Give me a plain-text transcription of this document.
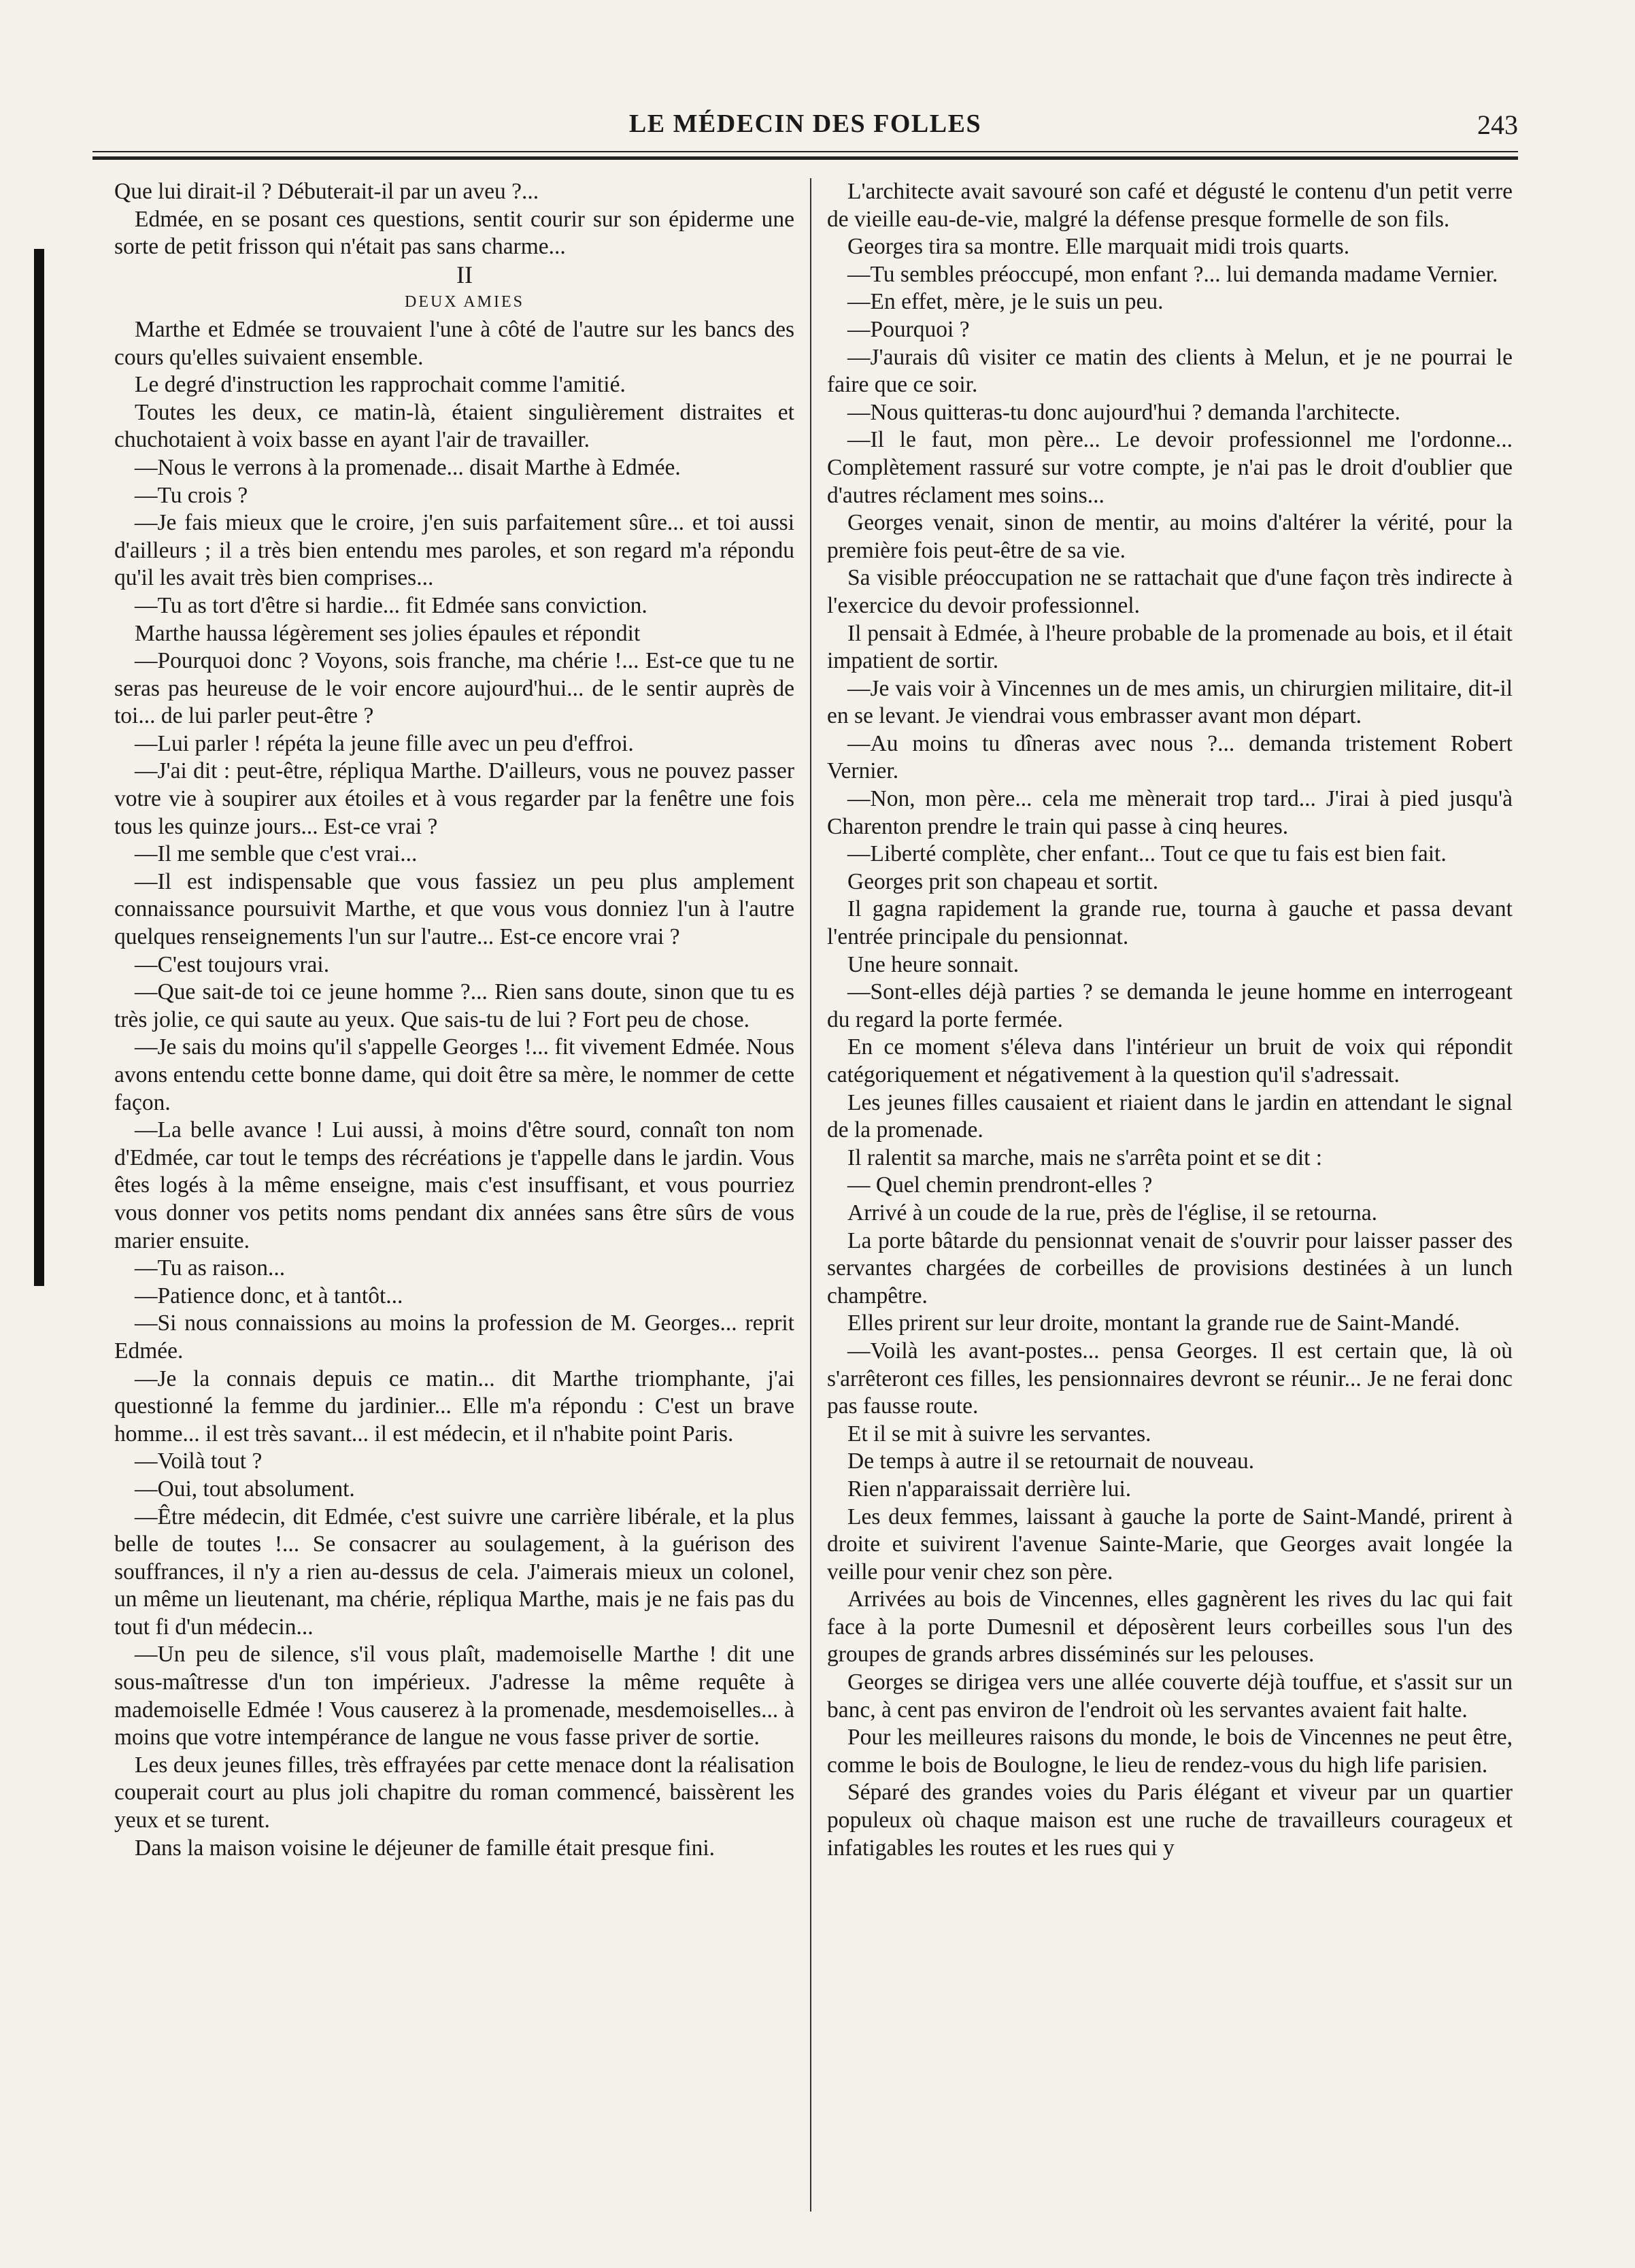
LE MÉDECIN DES FOLLES	243

Que lui dirait-il ? Débuterait-il par un aveu ?...

Edmée, en se posant ces questions, sentit courir sur son épiderme une sorte de petit frisson qui n'était pas sans charme...

II

DEUX AMIES

Marthe et Edmée se trouvaient l'une à côté de l'autre sur les bancs des cours qu'elles suivaient ensemble.

Le degré d'instruction les rapprochait comme l'amitié.

Toutes les deux, ce matin-là, étaient singulièrement distraites et chuchotaient à voix basse en ayant l'air de travailler.

—Nous le verrons à la promenade... disait Marthe à Edmée.

—Tu crois ?

—Je fais mieux que le croire, j'en suis parfaitement sûre... et toi aussi d'ailleurs ; il a très bien entendu mes paroles, et son regard m'a répondu qu'il les avait très bien comprises...

—Tu as tort d'être si hardie... fit Edmée sans conviction.

Marthe haussa légèrement ses jolies épaules et répondit

—Pourquoi donc ? Voyons, sois franche, ma chérie !... Est-ce que tu ne seras pas heureuse de le voir encore aujourd'hui... de le sentir auprès de toi... de lui parler peut-être ?

—Lui parler ! répéta la jeune fille avec un peu d'effroi.

—J'ai dit : peut-être, répliqua Marthe. D'ailleurs, vous ne pouvez passer votre vie à soupirer aux étoiles et à vous regarder par la fenêtre une fois tous les quinze jours... Est-ce vrai ?

—Il me semble que c'est vrai...

—Il est indispensable que vous fassiez un peu plus amplement connaissance poursuivit Marthe, et que vous vous donniez l'un à l'autre quelques renseignements l'un sur l'autre... Est-ce encore vrai ?

—C'est toujours vrai.

—Que sait-de toi ce jeune homme ?... Rien sans doute, sinon que tu es très jolie, ce qui saute au yeux. Que sais-tu de lui ? Fort peu de chose.

—Je sais du moins qu'il s'appelle Georges !... fit vivement Edmée. Nous avons entendu cette bonne dame, qui doit être sa mère, le nommer de cette façon.

—La belle avance ! Lui aussi, à moins d'être sourd, connaît ton nom d'Edmée, car tout le temps des récréations je t'appelle dans le jardin. Vous êtes logés à la même enseigne, mais c'est insuffisant, et vous pourriez vous donner vos petits noms pendant dix années sans être sûrs de vous marier ensuite.

—Tu as raison...

—Patience donc, et à tantôt...

—Si nous connaissions au moins la profession de M. Georges... reprit Edmée.

—Je la connais depuis ce matin... dit Marthe triomphante, j'ai questionné la femme du jardinier... Elle m'a répondu : C'est un brave homme... il est très savant... il est médecin, et il n'habite point Paris.

—Voilà tout ?

—Oui, tout absolument.

—Être médecin, dit Edmée, c'est suivre une carrière libérale, et la plus belle de toutes !... Se consacrer au soulagement, à la guérison des souffrances, il n'y a rien au-dessus de cela. J'aimerais mieux un colonel, un même un lieutenant, ma chérie, répliqua Marthe, mais je ne fais pas du tout fi d'un médecin...

—Un peu de silence, s'il vous plaît, mademoiselle Marthe ! dit une sous-maîtresse d'un ton impérieux. J'adresse la même requête à mademoiselle Edmée ! Vous causerez à la promenade, mesdemoiselles... à moins que votre intempérance de langue ne vous fasse priver de sortie.

Les deux jeunes filles, très effrayées par cette menace dont la réalisation couperait court au plus joli chapitre du roman commencé, baissèrent les yeux et se turent.

Dans la maison voisine le déjeuner de famille était presque fini.

L'architecte avait savouré son café et dégusté le contenu d'un petit verre de vieille eau-de-vie, malgré la défense presque formelle de son fils.

Georges tira sa montre. Elle marquait midi trois quarts.

—Tu sembles préoccupé, mon enfant ?... lui demanda madame Vernier.

—En effet, mère, je le suis un peu.

—Pourquoi ?

—J'aurais dû visiter ce matin des clients à Melun, et je ne pourrai le faire que ce soir.

—Nous quitteras-tu donc aujourd'hui ? demanda l'architecte.

—Il le faut, mon père... Le devoir professionnel me l'ordonne... Complètement rassuré sur votre compte, je n'ai pas le droit d'oublier que d'autres réclament mes soins...

Georges venait, sinon de mentir, au moins d'altérer la vérité, pour la première fois peut-être de sa vie.

Sa visible préoccupation ne se rattachait que d'une façon très indirecte à l'exercice du devoir professionnel.

Il pensait à Edmée, à l'heure probable de la promenade au bois, et il était impatient de sortir.

—Je vais voir à Vincennes un de mes amis, un chirurgien militaire, dit-il en se levant. Je viendrai vous embrasser avant mon départ.

—Au moins tu dîneras avec nous ?... demanda tristement Robert Vernier.

—Non, mon père... cela me mènerait trop tard... J'irai à pied jusqu'à Charenton prendre le train qui passe à cinq heures.

—Liberté complète, cher enfant... Tout ce que tu fais est bien fait.

Georges prit son chapeau et sortit.

Il gagna rapidement la grande rue, tourna à gauche et passa devant l'entrée principale du pensionnat.

Une heure sonnait.

—Sont-elles déjà parties ? se demanda le jeune homme en interrogeant du regard la porte fermée.

En ce moment s'éleva dans l'intérieur un bruit de voix qui répondit catégoriquement et négativement à la question qu'il s'adressait.

Les jeunes filles causaient et riaient dans le jardin en attendant le signal de la promenade.

Il ralentit sa marche, mais ne s'arrêta point et se dit :

— Quel chemin prendront-elles ?

Arrivé à un coude de la rue, près de l'église, il se retourna.

La porte bâtarde du pensionnat venait de s'ouvrir pour laisser passer des servantes chargées de corbeilles de provisions destinées à un lunch champêtre.

Elles prirent sur leur droite, montant la grande rue de Saint-Mandé.

—Voilà les avant-postes... pensa Georges. Il est certain que, là où s'arrêteront ces filles, les pensionnaires devront se réunir... Je ne ferai donc pas fausse route.

Et il se mit à suivre les servantes.

De temps à autre il se retournait de nouveau.

Rien n'apparaissait derrière lui.

Les deux femmes, laissant à gauche la porte de Saint-Mandé, prirent à droite et suivirent l'avenue Sainte-Marie, que Georges avait longée la veille pour venir chez son père.

Arrivées au bois de Vincennes, elles gagnèrent les rives du lac qui fait face à la porte Dumesnil et déposèrent leurs corbeilles sous l'un des groupes de grands arbres disséminés sur les pelouses.

Georges se dirigea vers une allée couverte déjà touffue, et s'assit sur un banc, à cent pas environ de l'endroit où les servantes avaient fait halte.

Pour les meilleures raisons du monde, le bois de Vincennes ne peut être, comme le bois de Boulogne, le lieu de rendez-vous du high life parisien.

Séparé des grandes voies du Paris élégant et viveur par un quartier populeux où chaque maison est une ruche de travailleurs courageux et infatigables les routes et les rues qui y
